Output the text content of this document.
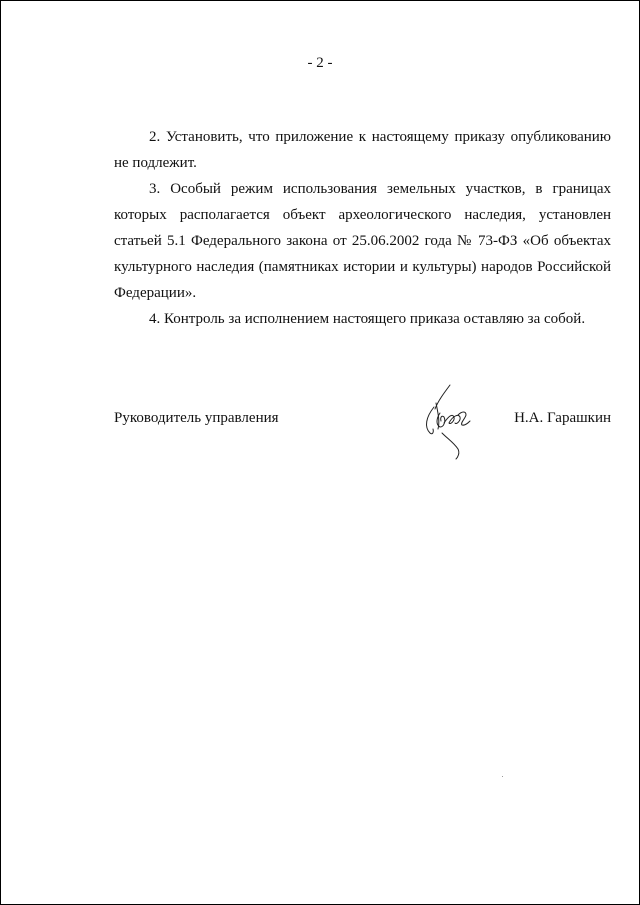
- 2 -

2. Установить, что приложение к настоящему приказу опубликованию не подлежит.

3. Особый режим использования земельных участков, в границах которых располагается объект археологического наследия, установлен статьей 5.1 Федерального закона от 25.06.2002 года № 73-ФЗ «Об объектах культурного наследия (памятниках истории и культуры) народов Российской Федерации».

4. Контроль за исполнением настоящего приказа оставляю за собой.

Руководитель управления	Н.А. Гарашкин
